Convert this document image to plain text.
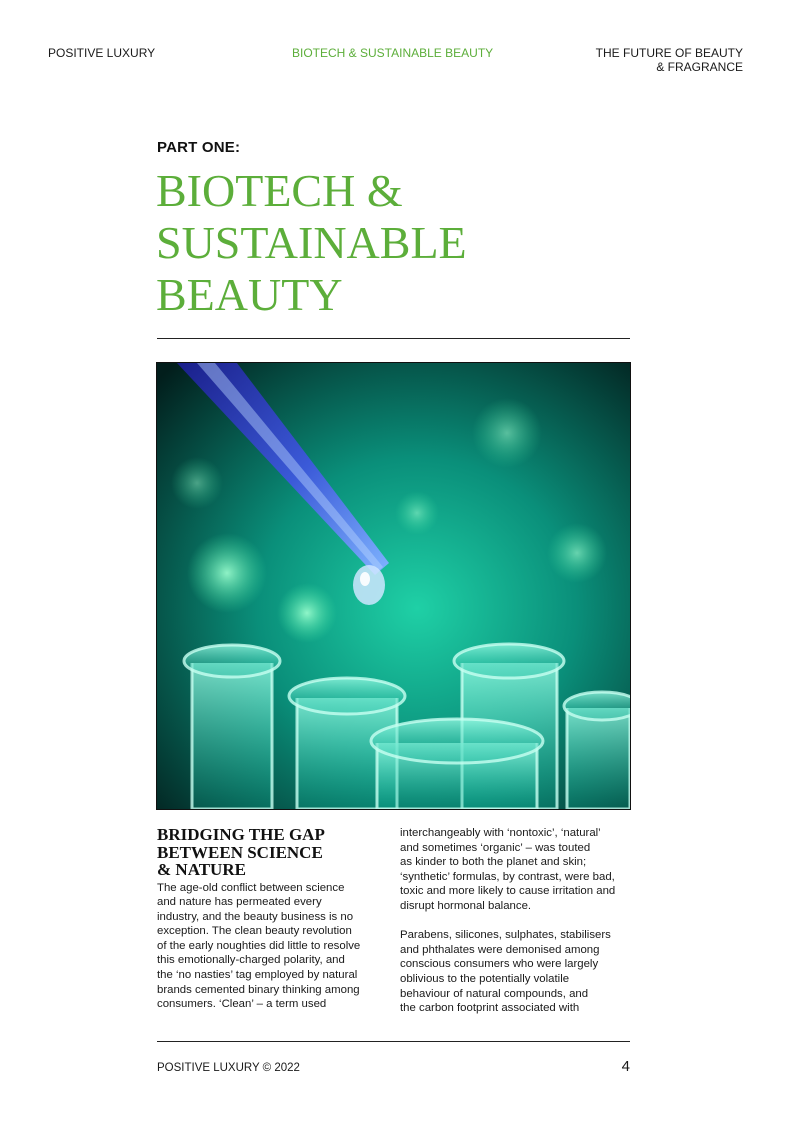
POSITIVE LUXURY	BIOTECH & SUSTAINABLE BEAUTY	THE FUTURE OF BEAUTY
& FRAGRANCE
PART ONE:
BIOTECH &
SUSTAINABLE
BEAUTY
BRIDGING THE GAP
BETWEEN SCIENCE
& NATURE

The age-old conflict between science
and nature has permeated every
industry, and the beauty business is no
exception. The clean beauty revolution
of the early noughties did little to resolve
this emotionally-charged polarity, and
the ‘no nasties’ tag employed by natural
brands cemented binary thinking among
consumers. ‘Clean’ – a term used

interchangeably with ‘nontoxic’, ‘natural’
and sometimes ‘organic’ – was touted
as kinder to both the planet and skin;
‘synthetic’ formulas, by contrast, were bad,
toxic and more likely to cause irritation and
disrupt hormonal balance.

Parabens, silicones, sulphates, stabilisers
and phthalates were demonised among
conscious consumers who were largely
oblivious to the potentially volatile
behaviour of natural compounds, and
the carbon footprint associated with

POSITIVE LUXURY © 2022	4
